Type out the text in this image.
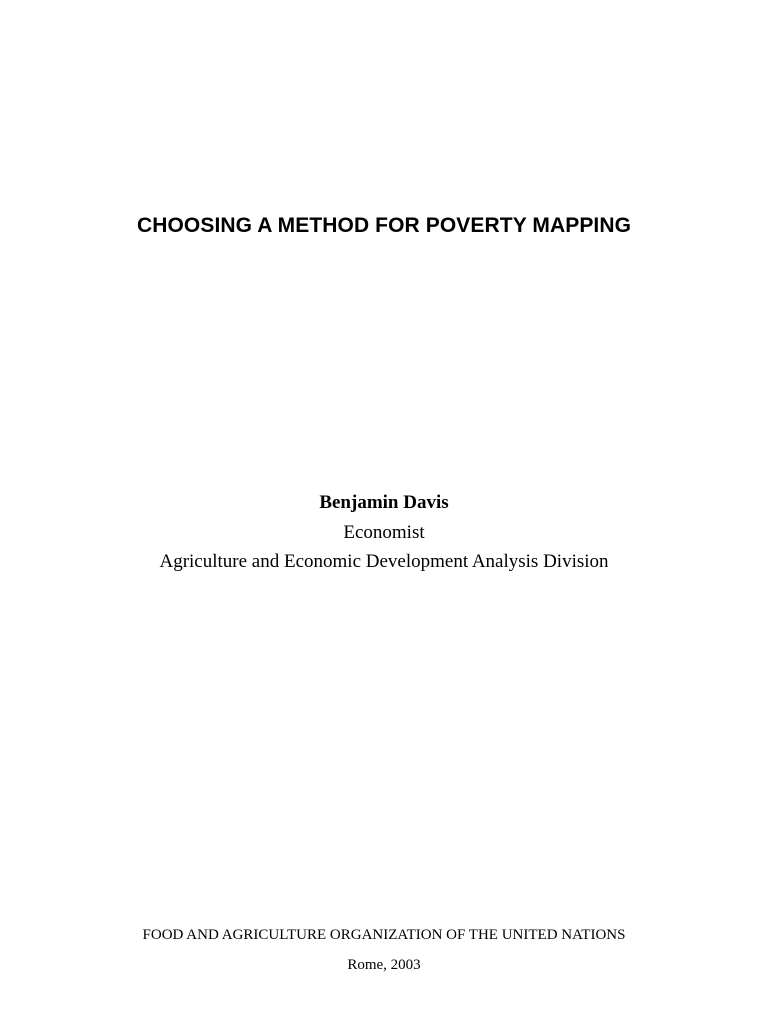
CHOOSING A METHOD FOR POVERTY MAPPING
Benjamin Davis
Economist
Agriculture and Economic Development Analysis Division
FOOD AND AGRICULTURE ORGANIZATION OF THE UNITED NATIONS
Rome, 2003
